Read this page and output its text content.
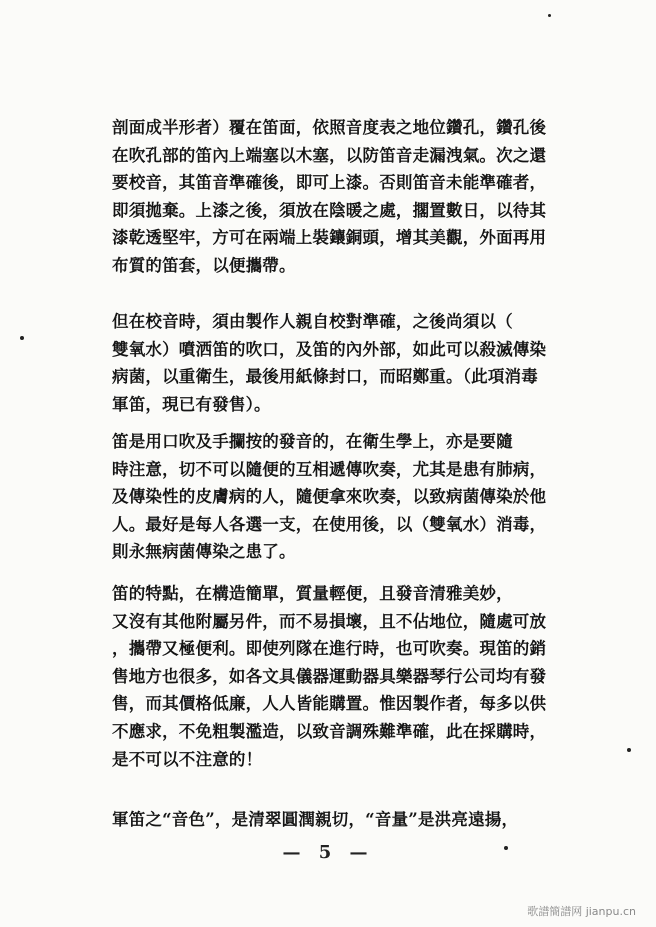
剖面成半形者）覆在笛面，依照音度表之地位鑽孔，鑽孔後
在吹孔部的笛內上端塞以木塞，以防笛音走漏洩氣。次之還
要校音，其笛音準確後，即可上漆。否則笛音未能準確者，
即須拋棄。上漆之後，須放在陰暖之處，擱置數日，以待其
漆乾透堅牢，方可在兩端上裝鑲銅頭，增其美觀，外面再用
布質的笛套，以便攜帶。

但在校音時，須由製作人親自校對準確，之後尚須以（
雙氧水）噴洒笛的吹口，及笛的內外部，如此可以殺滅傳染
病菌，以重衛生，最後用紙條封口，而昭鄭重。（此項消毒
軍笛，現已有發售）。

笛是用口吹及手攔按的發音的，在衛生學上，亦是要隨
時注意，切不可以隨便的互相遞傳吹奏，尤其是患有肺病，
及傳染性的皮膚病的人，隨便拿來吹奏，以致病菌傳染於他
人。最好是每人各選一支，在使用後，以（雙氧水）消毒，
則永無病菌傳染之患了。

笛的特點，在構造簡單，質量輕便，且發音清雅美妙，
又沒有其他附屬另件，而不易損壞，且不佔地位，隨處可放
，攜帶又極便利。即使列隊在進行時，也可吹奏。現笛的銷
售地方也很多，如各文具儀器運動器具樂器琴行公司均有發
售，而其價格低廉，人人皆能購置。惟因製作者，每多以供
不應求，不免粗製濫造，以致音調殊難準確，此在採購時，
是不可以不注意的！

軍笛之“音色”，是清翠圓潤親切，“音量”是洪亮遠揚，

— 5 —
歌譜簡譜网 jianpu.cn
